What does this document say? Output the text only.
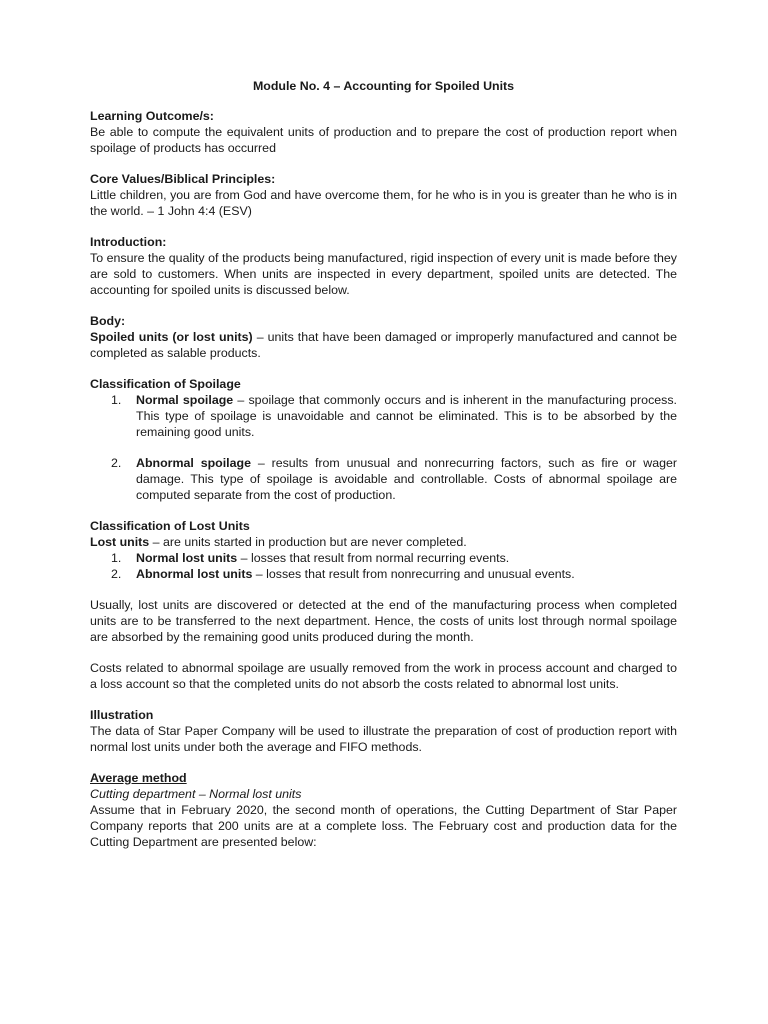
Module No. 4 – Accounting for Spoiled Units

Learning Outcome/s:

Be able to compute the equivalent units of production and to prepare the cost of production report when spoilage of products has occurred

Core Values/Biblical Principles:

Little children, you are from God and have overcome them, for he who is in you is greater than he who is in the world. – 1 John 4:4 (ESV)

Introduction:

To ensure the quality of the products being manufactured, rigid inspection of every unit is made before they are sold to customers. When units are inspected in every department, spoiled units are detected. The accounting for spoiled units is discussed below.

Body:

Spoiled units (or lost units) – units that have been damaged or improperly manufactured and cannot be completed as salable products.

Classification of Spoilage

1. Normal spoilage – spoilage that commonly occurs and is inherent in the manufacturing process. This type of spoilage is unavoidable and cannot be eliminated. This is to be absorbed by the remaining good units.
2. Abnormal spoilage – results from unusual and nonrecurring factors, such as fire or wager damage. This type of spoilage is avoidable and controllable. Costs of abnormal spoilage are computed separate from the cost of production.

Classification of Lost Units

Lost units – are units started in production but are never completed.

1. Normal lost units – losses that result from normal recurring events.
2. Abnormal lost units – losses that result from nonrecurring and unusual events.

Usually, lost units are discovered or detected at the end of the manufacturing process when completed units are to be transferred to the next department. Hence, the costs of units lost through normal spoilage are absorbed by the remaining good units produced during the month.

Costs related to abnormal spoilage are usually removed from the work in process account and charged to a loss account so that the completed units do not absorb the costs related to abnormal lost units.

Illustration

The data of Star Paper Company will be used to illustrate the preparation of cost of production report with normal lost units under both the average and FIFO methods.

Average method

Cutting department – Normal lost units

Assume that in February 2020, the second month of operations, the Cutting Department of Star Paper Company reports that 200 units are at a complete loss. The February cost and production data for the Cutting Department are presented below:
